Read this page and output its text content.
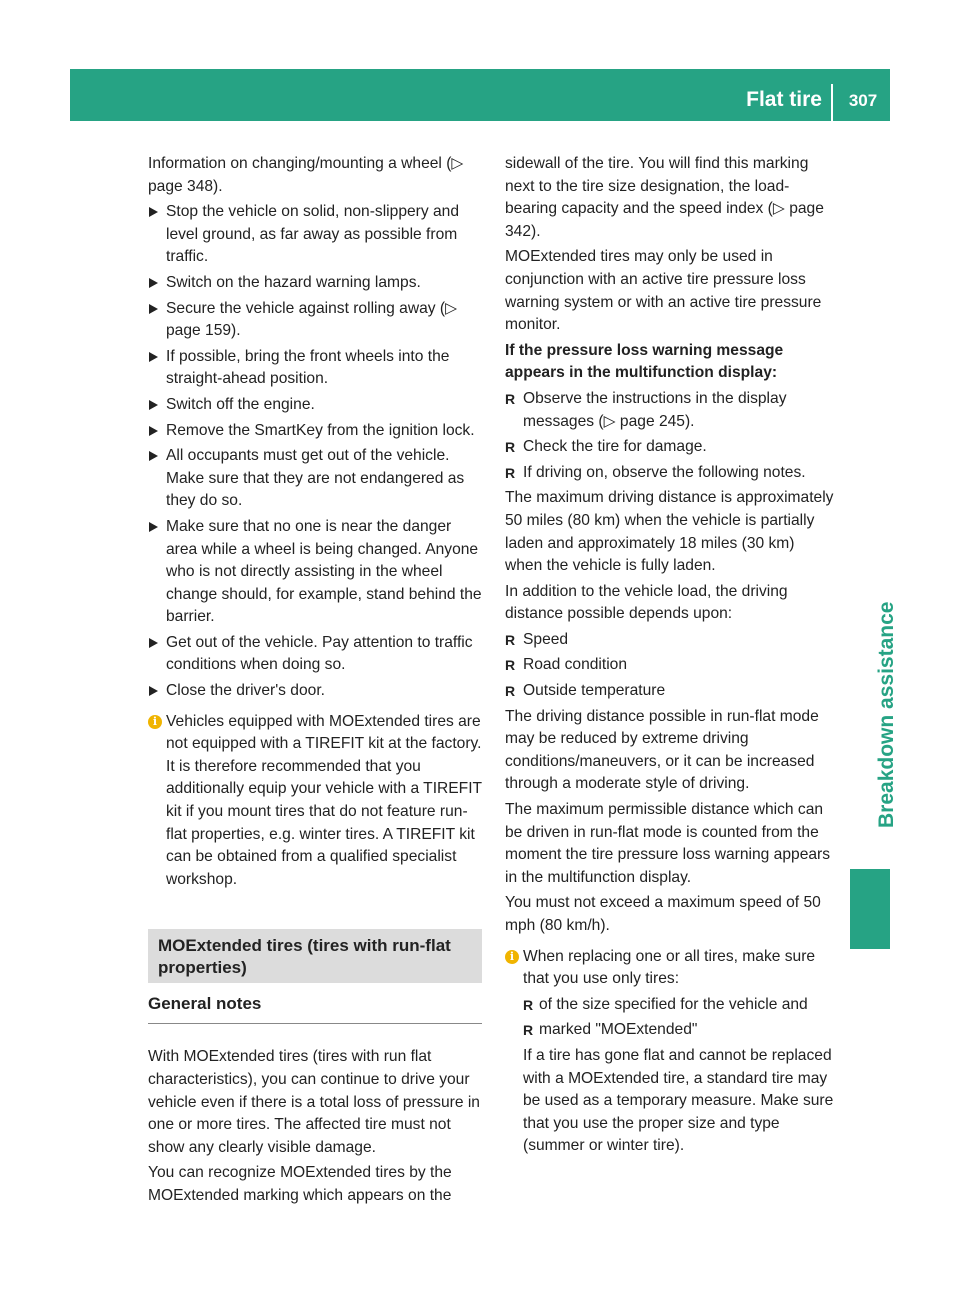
Flat tire	307
Breakdown assistance

Information on changing/mounting a wheel (▷ page 348).

Stop the vehicle on solid, non-slippery and level ground, as far away as possible from traffic.
Switch on the hazard warning lamps.
Secure the vehicle against rolling away (▷ page 159).
If possible, bring the front wheels into the straight-ahead position.
Switch off the engine.
Remove the SmartKey from the ignition lock.
All occupants must get out of the vehicle. Make sure that they are not endangered as they do so.
Make sure that no one is near the danger area while a wheel is being changed. Anyone who is not directly assisting in the wheel change should, for example, stand behind the barrier.
Get out of the vehicle. Pay attention to traffic conditions when doing so.
Close the driver's door.
i Vehicles equipped with MOExtended tires are not equipped with a TIREFIT kit at the factory. It is therefore recommended that you additionally equip your vehicle with a TIREFIT kit if you mount tires that do not feature run-flat properties, e.g. winter tires. A TIREFIT kit can be obtained from a qualified specialist workshop.

MOExtended tires (tires with run-flat properties)
General notes

With MOExtended tires (tires with run flat characteristics), you can continue to drive your vehicle even if there is a total loss of pressure in one or more tires. The affected tire must not show any clearly visible damage.

You can recognize MOExtended tires by the MOExtended marking which appears on the

sidewall of the tire. You will find this marking next to the tire size designation, the load-bearing capacity and the speed index (▷ page 342).

MOExtended tires may only be used in conjunction with an active tire pressure loss warning system or with an active tire pressure monitor.

If the pressure loss warning message appears in the multifunction display:

R Observe the instructions in the display messages (▷ page 245).
R Check the tire for damage.
R If driving on, observe the following notes.

The maximum driving distance is approximately 50 miles (80 km) when the vehicle is partially laden and approximately 18 miles (30 km) when the vehicle is fully laden.

In addition to the vehicle load, the driving distance possible depends upon:

R Speed
R Road condition
R Outside temperature

The driving distance possible in run-flat mode may be reduced by extreme driving conditions/maneuvers, or it can be increased through a moderate style of driving.

The maximum permissible distance which can be driven in run-flat mode is counted from the moment the tire pressure loss warning appears in the multifunction display.

You must not exceed a maximum speed of 50 mph (80 km/h).

i When replacing one or all tires, make sure that you use only tires:

R of the size specified for the vehicle and
R marked "MOExtended"

If a tire has gone flat and cannot be replaced with a MOExtended tire, a standard tire may be used as a temporary measure. Make sure that you use the proper size and type (summer or winter tire).
